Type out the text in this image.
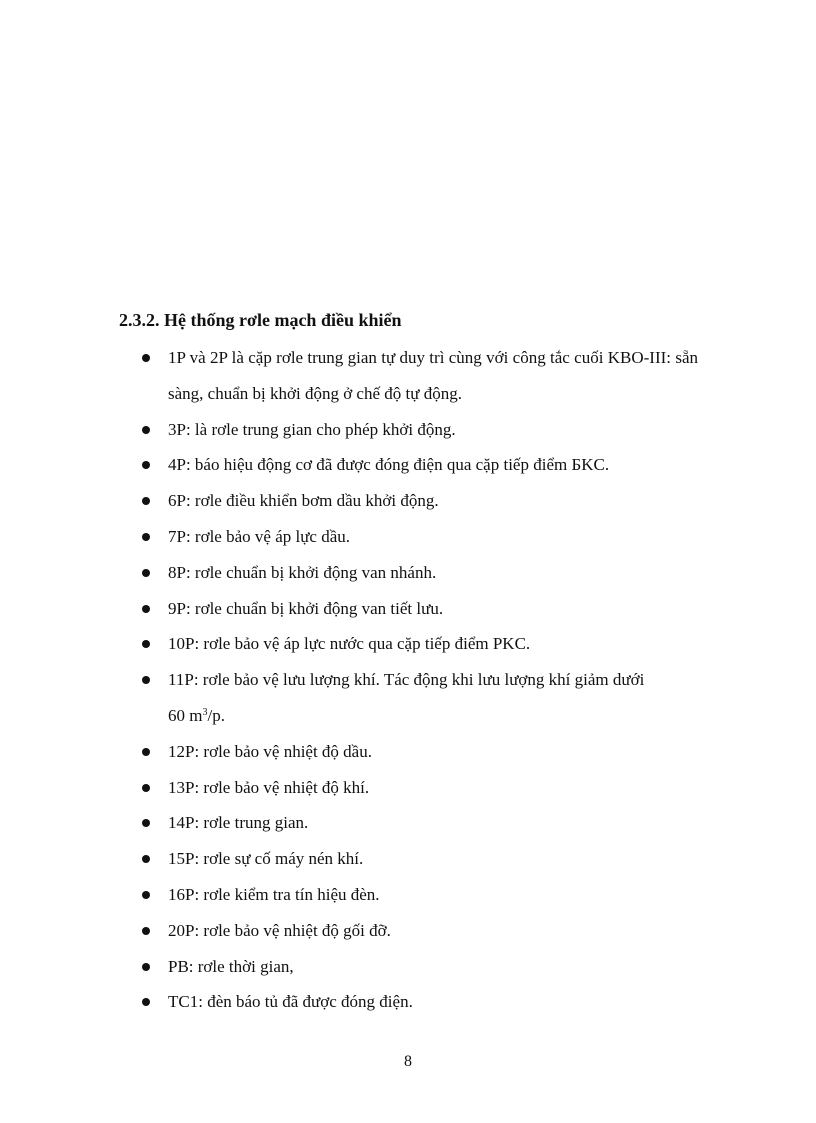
2.3.2. Hệ thống rơle mạch điều khiển
1P và 2P là cặp rơle trung gian tự duy trì cùng với công tắc cuối KBO-III: sẵn sàng, chuẩn bị khởi động ở chế độ tự động.
3P: là rơle trung gian cho phép khởi động.
4P: báo hiệu động cơ đã được đóng điện qua cặp tiếp điểm БKC.
6P: rơle điều khiển bơm dầu khởi động.
7P: rơle bảo vệ áp lực dầu.
8P: rơle chuẩn bị khởi động van nhánh.
9P: rơle chuẩn bị khởi động van tiết lưu.
10P: rơle bảo vệ áp lực nước qua cặp tiếp điểm PKC.
11P: rơle bảo vệ lưu lượng khí. Tác động khi lưu lượng khí giảm dưới
60 $m^3/p$.
12P: rơle bảo vệ nhiệt độ dầu.
13P: rơle bảo vệ nhiệt độ khí.
14P: rơle trung gian.
15P: rơle sự cố máy nén khí.
16P: rơle kiểm tra tín hiệu đèn.
20P: rơle bảo vệ nhiệt độ gối đỡ.
PB: rơle thời gian,
TC1: đèn báo tủ đã được đóng điện.
8
